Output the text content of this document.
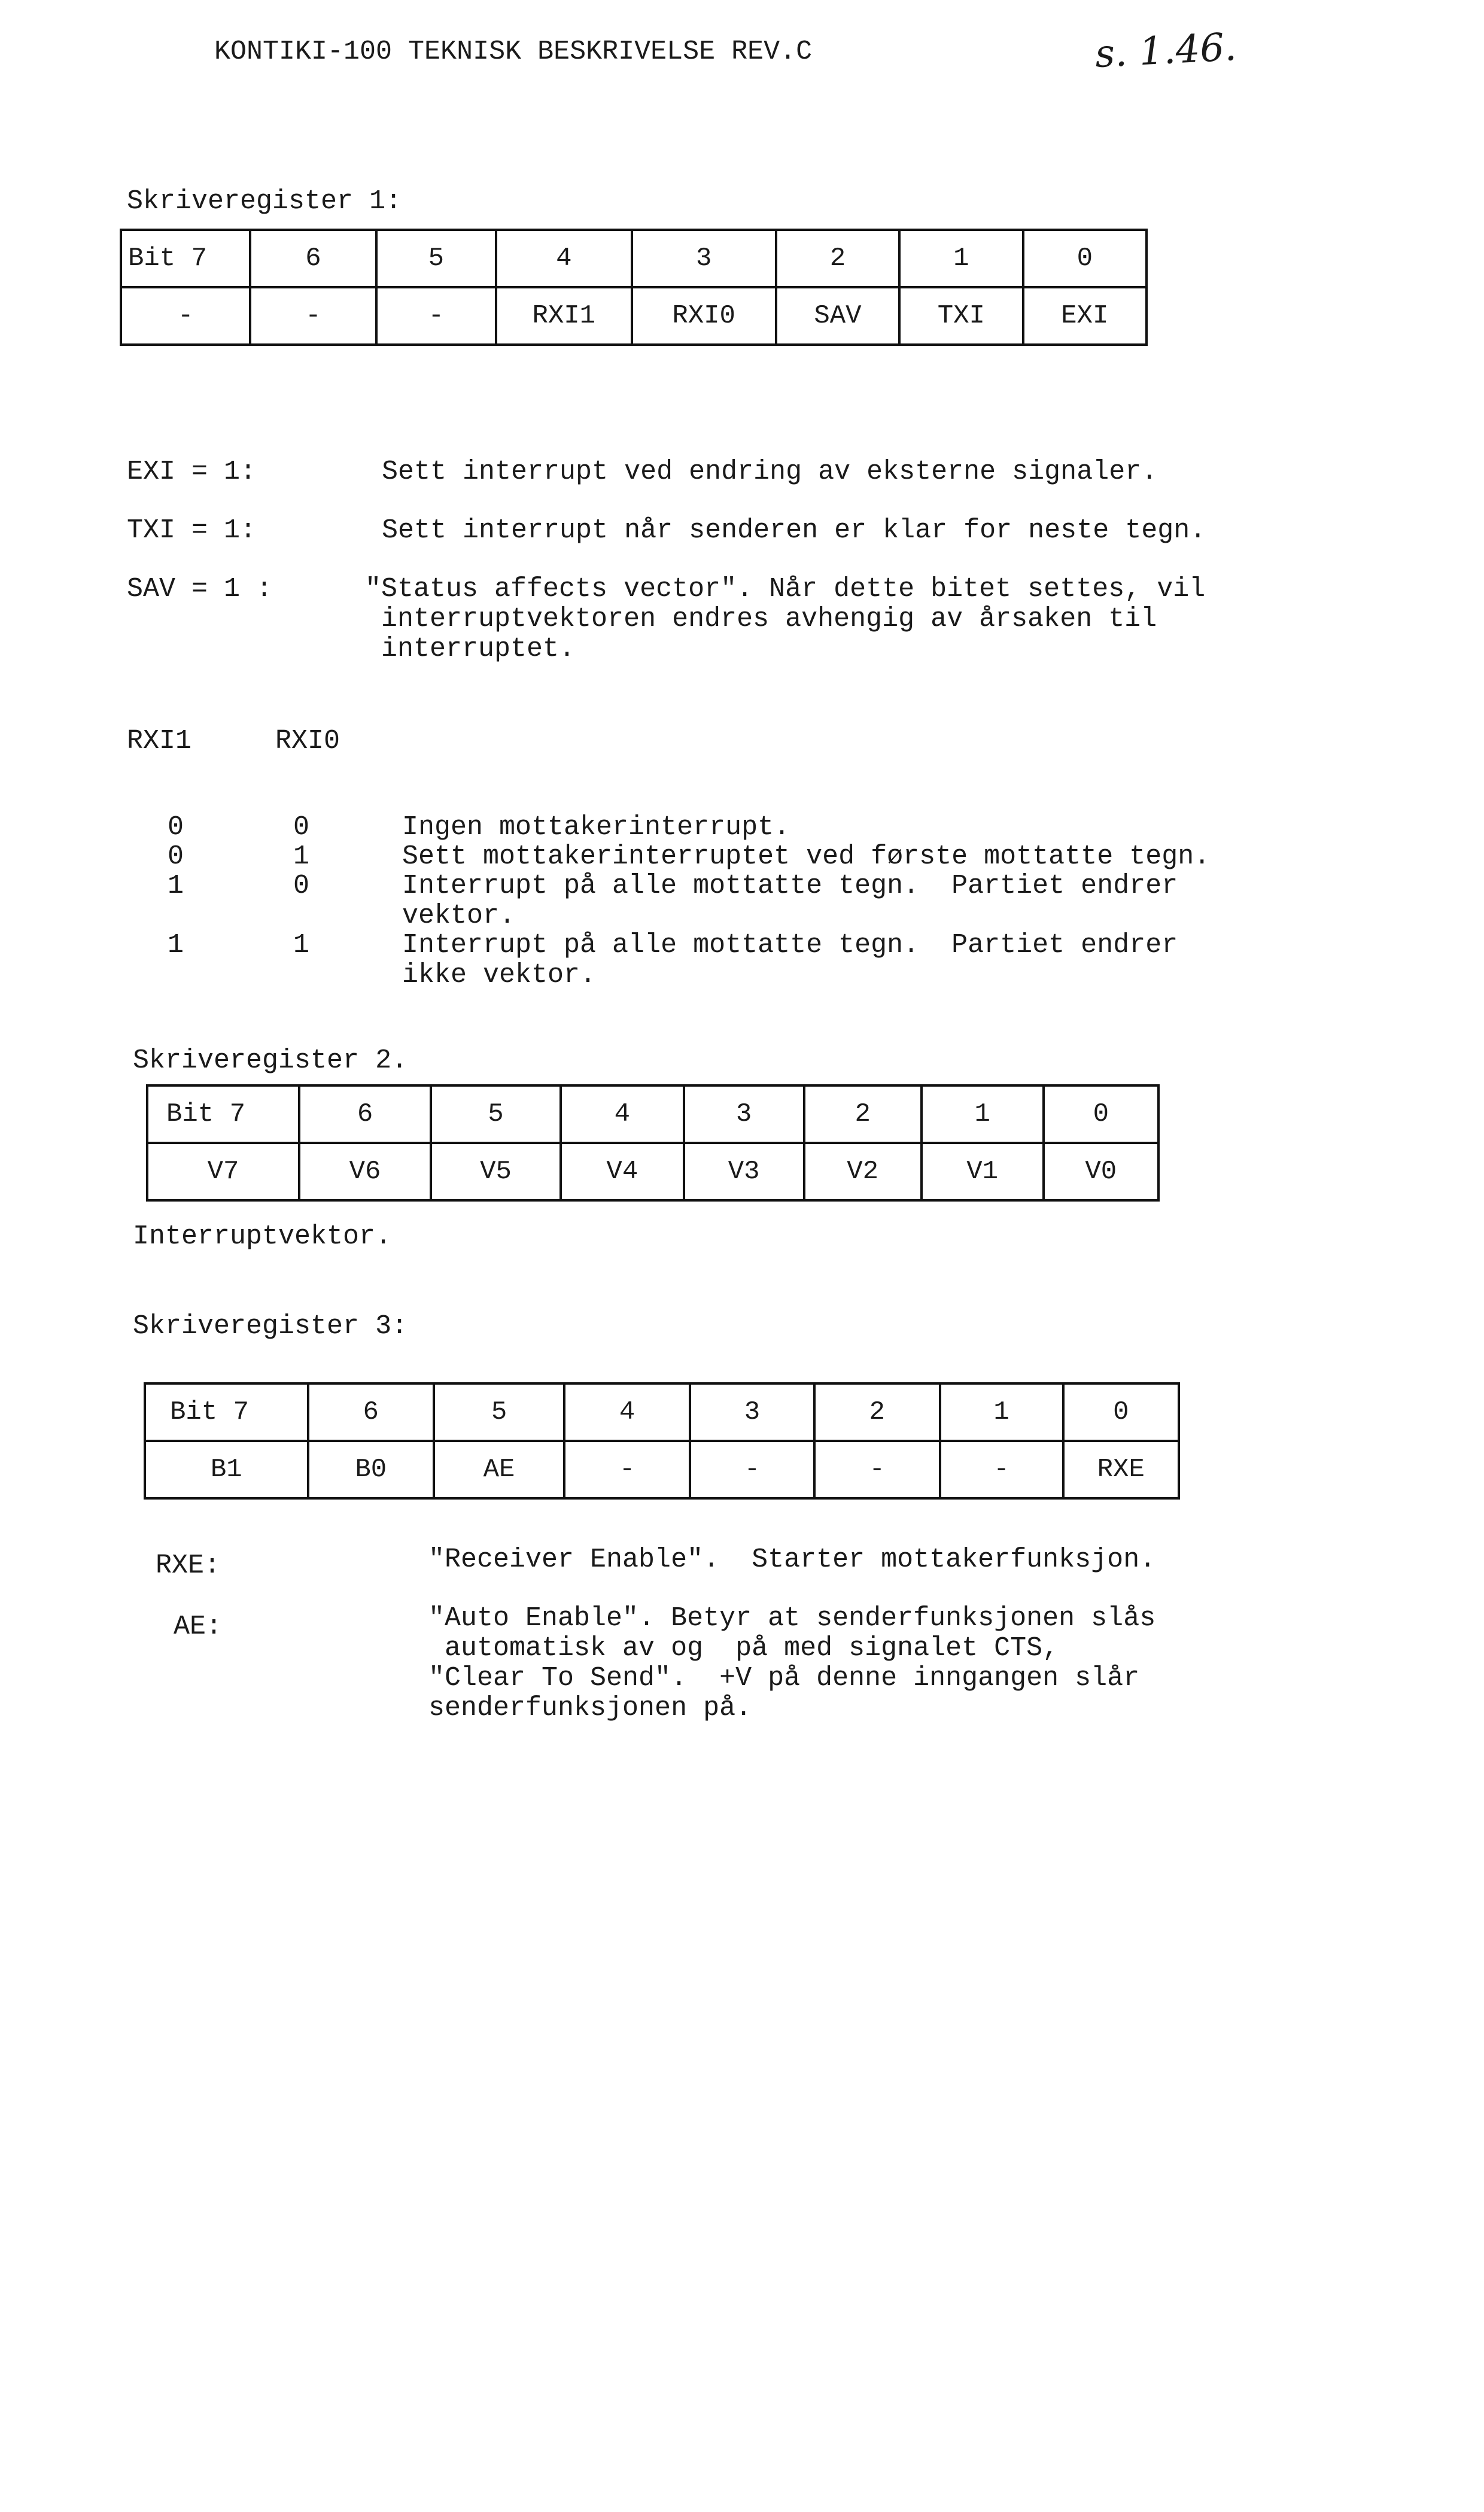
KONTIKI-100 TEKNISK BESKRIVELSE REV.C	s. 1.46.
Skriveregister 1:
Bit 7	6	5	4	3	2	1	0
-	-	-	RXI1	RXI0	SAV	TXI	EXI
EXI = 1:	Sett interrupt ved endring av eksterne signaler.
TXI = 1:	Sett interrupt når senderen er klar for neste tegn.
SAV = 1 :	"Status affects vector". Når dette bitet settes, vil
interruptvektoren endres avhengig av årsaken til
interruptet.
RXI1	RXI0
0	0	Ingen mottakerinterrupt.
0	1	Sett mottakerinterruptet ved første mottatte tegn.
1	0	Interrupt på alle mottatte tegn.  Partiet endrer
vektor.
1	1	Interrupt på alle mottatte tegn.  Partiet endrer
ikke vektor.
Skriveregister 2.
Bit 7	6	5	4	3	2	1	0
V7	V6	V5	V4	V3	V2	V1	V0
Interruptvektor.
Skriveregister 3:
Bit 7	6	5	4	3	2	1	0
B1	B0	AE	-	-	-	-	RXE
RXE:	"Receiver Enable".  Starter mottakerfunksjon.
AE:	"Auto Enable". Betyr at senderfunksjonen slås
automatisk av og  på med signalet CTS,
"Clear To Send".  +V på denne inngangen slår
senderfunksjonen på.
